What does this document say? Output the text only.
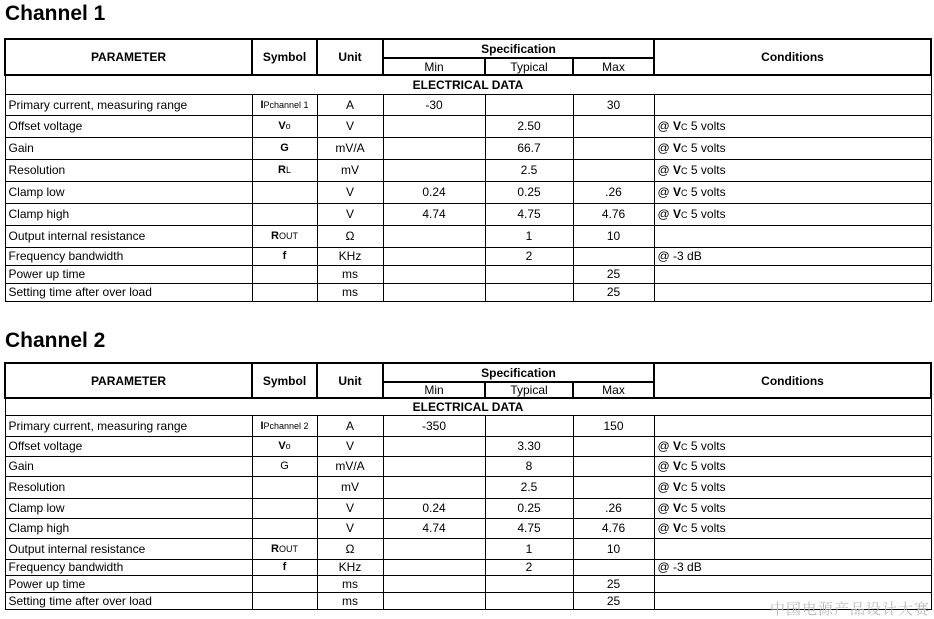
Channel 1
PARAMETER	Symbol	Unit	Specification			Conditions
			Min	Typical	Max	
ELECTRICAL DATA						
Primary current, measuring range	IPchannel 1	A	-30		30	
Offset voltage	Vo	V		2.50		@ VC 5 volts
Gain	G	mV/A		66.7		@ VC 5 volts
Resolution	RL	mV		2.5		@ VC 5 volts
Clamp low		V	0.24	0.25	.26	@ VC 5 volts
Clamp high		V	4.74	4.75	4.76	@ VC 5 volts
Output internal resistance	ROUT	Ω		1	10	
Frequency bandwidth	f	KHz		2		@ -3 dB
Power up time		ms			25	
Setting time after over load		ms			25	
Channel 2
PARAMETER	Symbol	Unit	Specification			Conditions
			Min	Typical	Max	
ELECTRICAL DATA						
Primary current, measuring range	IPchannel 2	A	-350		150	
Offset voltage	Vo	V		3.30		@ VC 5 volts
Gain	G	mV/A		8		@ VC 5 volts
Resolution		mV		2.5		@ VC 5 volts
Clamp low		V	0.24	0.25	.26	@ VC 5 volts
Clamp high		V	4.74	4.75	4.76	@ VC 5 volts
Output internal resistance	ROUT	Ω		1	10	
Frequency bandwidth	f	KHz		2		@ -3 dB
Power up time		ms			25	
Setting time after over load		ms			25		中国电源产品设计大赛
